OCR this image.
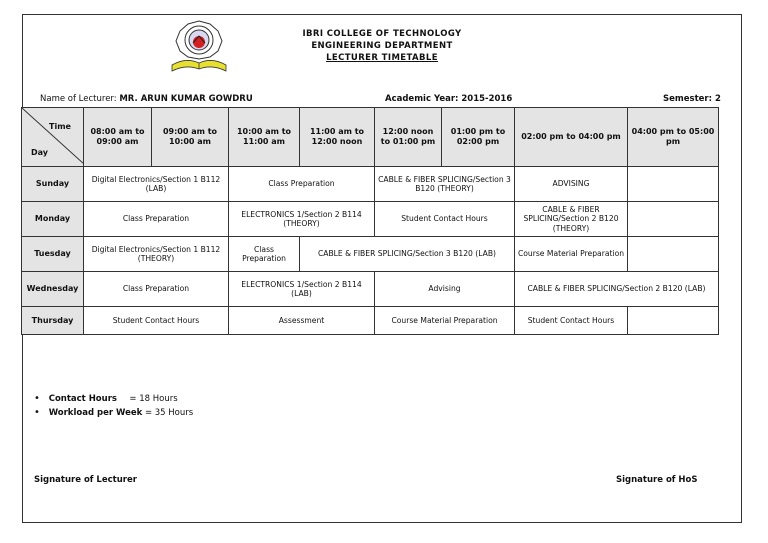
IBRI COLLEGE OF TECHNOLOGY
ENGINEERING DEPARTMENT
LECTURER TIMETABLE
Name of Lecturer: MR. ARUN KUMAR GOWDRU	Academic Year: 2015-2016	Semester: 2
Time
Day	08:00 am to 09:00 am	09:00 am to 10:00 am	10:00 am to 11:00 am	11:00 am to 12:00 noon	12:00 noon to 01:00 pm	01:00 pm to 02:00 pm	02:00 pm to 04:00 pm	04:00 pm to 05:00 pm
Sunday	Digital Electronics/Section 1 B112 (LAB)		Class Preparation		CABLE & FIBER SPLICING/Section 3 B120 (THEORY)		ADVISING	
Monday	Class Preparation		ELECTRONICS 1/Section 2 B114 (THEORY)		Student Contact Hours		CABLE & FIBER SPLICING/Section 2 B120 (THEORY)	
Tuesday	Digital Electronics/Section 1 B112 (THEORY)		Class Preparation	CABLE & FIBER SPLICING/Section 3 B120 (LAB)			Course Material Preparation	
Wednesday	Class Preparation		ELECTRONICS 1/Section 2 B114 (LAB)		Advising		CABLE & FIBER SPLICING/Section 2 B120 (LAB)	
Thursday	Student Contact Hours		Assessment		Course Material Preparation		Student Contact Hours	
• Contact Hours = 18 Hours
• Workload per Week = 35 Hours
Signature of Lecturer	Signature of HoS
